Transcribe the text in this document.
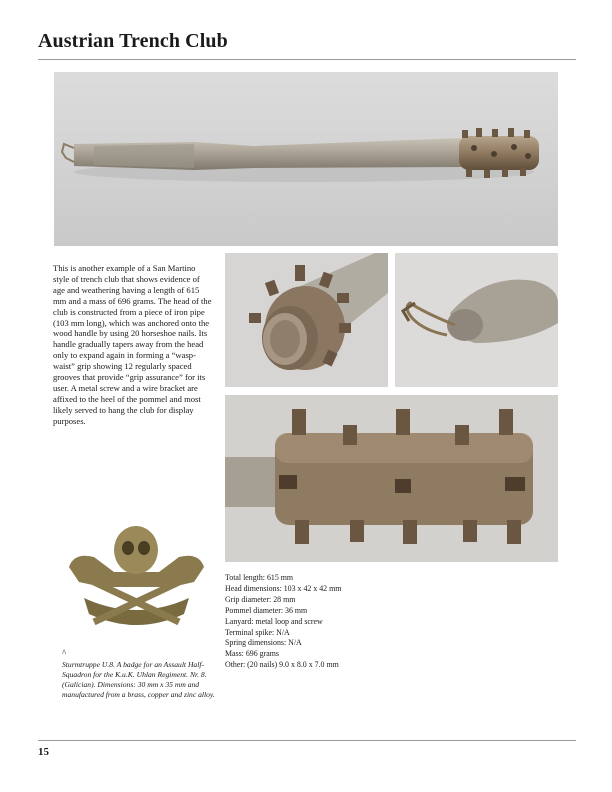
Austrian Trench Club
This is another example of a San Martino style of trench club that shows evidence of age and weathering having a length of 615 mm and a mass of 696 grams. The head of the club is constructed from a piece of iron pipe (103 mm long), which was anchored onto the wood handle by using 20 horseshoe nails. Its handle gradually tapers away from the head only to expand again in forming a “wasp-waist” grip showing 12 regularly spaced grooves that provide “grip assurance” for its user. A metal screw and a wire bracket are affixed to the heel of the pommel and most likely served to hang the club for display purposes.
Total length: 615 mm
Head dimensions: 103 x 42 x 42 mm
Grip diameter: 28 mm
Pommel diameter: 36 mm
Lanyard: metal loop and screw
Terminal spike: N/A
Spring dimensions: N/A
Mass: 696 grams
Other: (20 nails) 9.0 x 8.0 x 7.0 mm
^
Sturmtruppe U.8. A badge for an Assault Half-Squadron for the K.u.K. Uhlan Regiment. Nr. 8. (Galician). Dimensions: 30 mm x 35 mm and manufactured from a brass, copper and zinc alloy.
15
